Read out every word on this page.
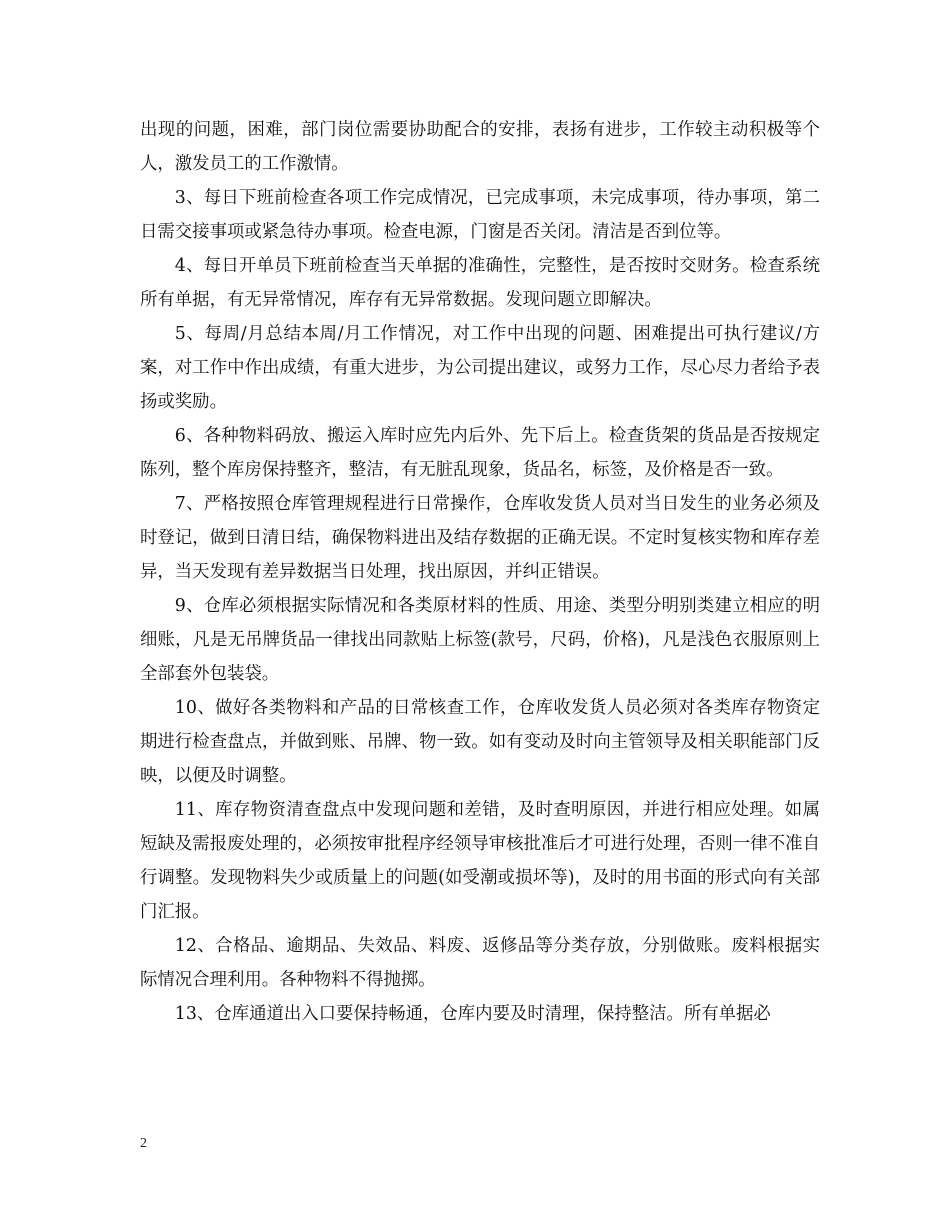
出现的问题，困难，部门岗位需要协助配合的安排，表扬有进步，工作较主动积极等个人，激发员工的工作激情。

3、每日下班前检查各项工作完成情况，已完成事项，未完成事项，待办事项，第二日需交接事项或紧急待办事项。检查电源，门窗是否关闭。清洁是否到位等。

4、每日开单员下班前检查当天单据的准确性，完整性，是否按时交财务。检查系统所有单据，有无异常情况，库存有无异常数据。发现问题立即解决。

5、每周/月总结本周/月工作情况，对工作中出现的问题、困难提出可执行建议/方案，对工作中作出成绩，有重大进步，为公司提出建议，或努力工作，尽心尽力者给予表扬或奖励。

6、各种物料码放、搬运入库时应先内后外、先下后上。检查货架的货品是否按规定陈列，整个库房保持整齐，整洁，有无脏乱现象，货品名，标签，及价格是否一致。

7、严格按照仓库管理规程进行日常操作，仓库收发货人员对当日发生的业务必须及时登记，做到日清日结，确保物料进出及结存数据的正确无误。不定时复核实物和库存差异，当天发现有差异数据当日处理，找出原因，并纠正错误。

9、仓库必须根据实际情况和各类原材料的性质、用途、类型分明别类建立相应的明细账，凡是无吊牌货品一律找出同款贴上标签(款号，尺码，价格)，凡是浅色衣服原则上全部套外包装袋。

10、做好各类物料和产品的日常核查工作，仓库收发货人员必须对各类库存物资定期进行检查盘点，并做到账、吊牌、物一致。如有变动及时向主管领导及相关职能部门反映，以便及时调整。

11、库存物资清查盘点中发现问题和差错，及时查明原因，并进行相应处理。如属短缺及需报废处理的，必须按审批程序经领导审核批准后才可进行处理，否则一律不准自行调整。发现物料失少或质量上的问题(如受潮或损坏等)，及时的用书面的形式向有关部门汇报。

12、合格品、逾期品、失效品、料废、返修品等分类存放，分别做账。废料根据实际情况合理利用。各种物料不得抛掷。

13、仓库通道出入口要保持畅通，仓库内要及时清理，保持整洁。所有单据必

2
